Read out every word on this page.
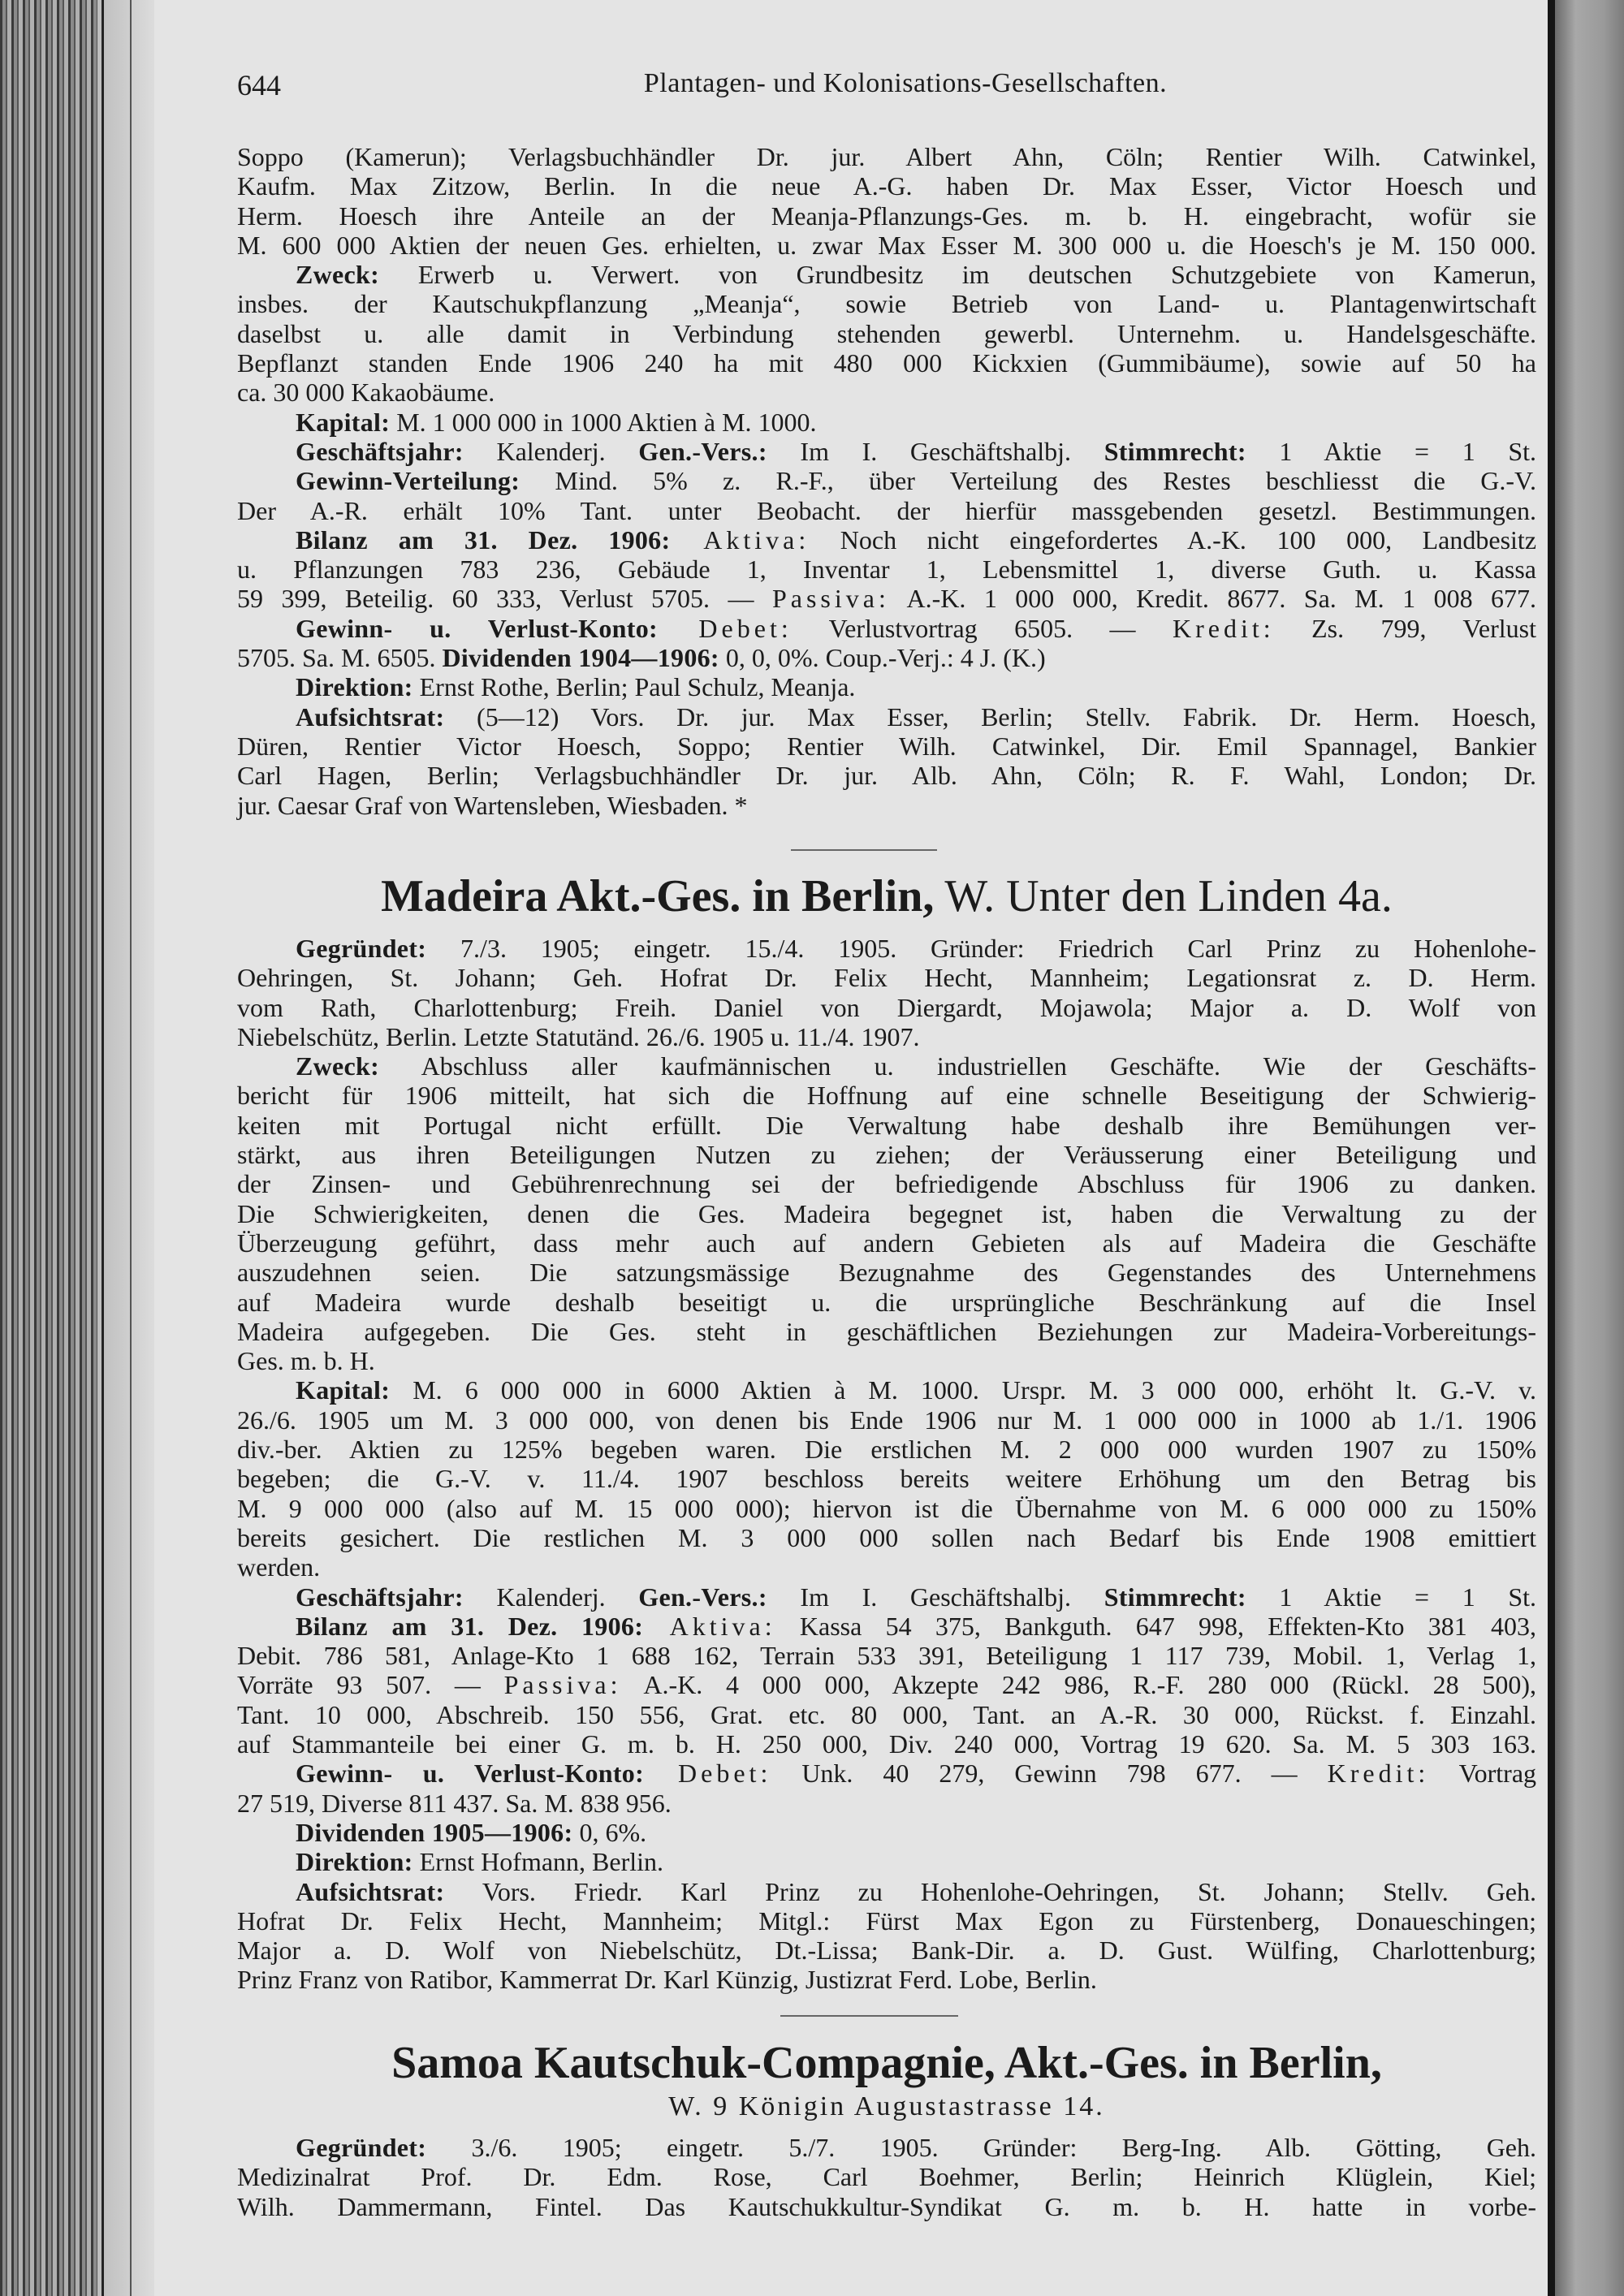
644	Plantagen- und Kolonisations-Gesellschaften.
Soppo (Kamerun); Verlagsbuchhändler Dr. jur. Albert Ahn, Cöln; Rentier Wilh. Catwinkel,
Kaufm. Max Zitzow, Berlin. In die neue A.-G. haben Dr. Max Esser, Victor Hoesch und
Herm. Hoesch ihre Anteile an der Meanja-Pflanzungs-Ges. m. b. H. eingebracht, wofür sie
M. 600 000 Aktien der neuen Ges. erhielten, u. zwar Max Esser M. 300 000 u. die Hoesch's je M. 150 000.
Zweck: Erwerb u. Verwert. von Grundbesitz im deutschen Schutzgebiete von Kamerun,
insbes. der Kautschukpflanzung „Meanja“, sowie Betrieb von Land- u. Plantagenwirtschaft
daselbst u. alle damit in Verbindung stehenden gewerbl. Unternehm. u. Handelsgeschäfte.
Bepflanzt standen Ende 1906 240 ha mit 480 000 Kickxien (Gummibäume), sowie auf 50 ha
ca. 30 000 Kakaobäume.
Kapital: M. 1 000 000 in 1000 Aktien à M. 1000.
Geschäftsjahr: Kalenderj. Gen.-Vers.: Im I. Geschäftshalbj. Stimmrecht: 1 Aktie = 1 St.
Gewinn-Verteilung: Mind. 5% z. R.-F., über Verteilung des Restes beschliesst die G.-V.
Der A.-R. erhält 10% Tant. unter Beobacht. der hierfür massgebenden gesetzl. Bestimmungen.
Bilanz am 31. Dez. 1906: Aktiva: Noch nicht eingefordertes A.-K. 100 000, Landbesitz
u. Pflanzungen 783 236, Gebäude 1, Inventar 1, Lebensmittel 1, diverse Guth. u. Kassa
59 399, Beteilig. 60 333, Verlust 5705. — Passiva: A.-K. 1 000 000, Kredit. 8677. Sa. M. 1 008 677.
Gewinn- u. Verlust-Konto: Debet: Verlustvortrag 6505. — Kredit: Zs. 799, Verlust
5705. Sa. M. 6505. Dividenden 1904—1906: 0, 0, 0%. Coup.-Verj.: 4 J. (K.)
Direktion: Ernst Rothe, Berlin; Paul Schulz, Meanja.
Aufsichtsrat: (5—12) Vors. Dr. jur. Max Esser, Berlin; Stellv. Fabrik. Dr. Herm. Hoesch,
Düren, Rentier Victor Hoesch, Soppo; Rentier Wilh. Catwinkel, Dir. Emil Spannagel, Bankier
Carl Hagen, Berlin; Verlagsbuchhändler Dr. jur. Alb. Ahn, Cöln; R. F. Wahl, London; Dr.
jur. Caesar Graf von Wartensleben, Wiesbaden. *
Madeira Akt.-Ges. in Berlin, W. Unter den Linden 4a.
Gegründet: 7./3. 1905; eingetr. 15./4. 1905. Gründer: Friedrich Carl Prinz zu Hohenlohe-
Oehringen, St. Johann; Geh. Hofrat Dr. Felix Hecht, Mannheim; Legationsrat z. D. Herm.
vom Rath, Charlottenburg; Freih. Daniel von Diergardt, Mojawola; Major a. D. Wolf von
Niebelschütz, Berlin. Letzte Statutänd. 26./6. 1905 u. 11./4. 1907.
Zweck: Abschluss aller kaufmännischen u. industriellen Geschäfte. Wie der Geschäfts-
bericht für 1906 mitteilt, hat sich die Hoffnung auf eine schnelle Beseitigung der Schwierig-
keiten mit Portugal nicht erfüllt. Die Verwaltung habe deshalb ihre Bemühungen ver-
stärkt, aus ihren Beteiligungen Nutzen zu ziehen; der Veräusserung einer Beteiligung und
der Zinsen- und Gebührenrechnung sei der befriedigende Abschluss für 1906 zu danken.
Die Schwierigkeiten, denen die Ges. Madeira begegnet ist, haben die Verwaltung zu der
Überzeugung geführt, dass mehr auch auf andern Gebieten als auf Madeira die Geschäfte
auszudehnen seien. Die satzungsmässige Bezugnahme des Gegenstandes des Unternehmens
auf Madeira wurde deshalb beseitigt u. die ursprüngliche Beschränkung auf die Insel
Madeira aufgegeben. Die Ges. steht in geschäftlichen Beziehungen zur Madeira-Vorbereitungs-
Ges. m. b. H.
Kapital: M. 6 000 000 in 6000 Aktien à M. 1000. Urspr. M. 3 000 000, erhöht lt. G.-V. v.
26./6. 1905 um M. 3 000 000, von denen bis Ende 1906 nur M. 1 000 000 in 1000 ab 1./1. 1906
div.-ber. Aktien zu 125% begeben waren. Die erstlichen M. 2 000 000 wurden 1907 zu 150%
begeben; die G.-V. v. 11./4. 1907 beschloss bereits weitere Erhöhung um den Betrag bis
M. 9 000 000 (also auf M. 15 000 000); hiervon ist die Übernahme von M. 6 000 000 zu 150%
bereits gesichert. Die restlichen M. 3 000 000 sollen nach Bedarf bis Ende 1908 emittiert
werden.
Geschäftsjahr: Kalenderj. Gen.-Vers.: Im I. Geschäftshalbj. Stimmrecht: 1 Aktie = 1 St.
Bilanz am 31. Dez. 1906: Aktiva: Kassa 54 375, Bankguth. 647 998, Effekten-Kto 381 403,
Debit. 786 581, Anlage-Kto 1 688 162, Terrain 533 391, Beteiligung 1 117 739, Mobil. 1, Verlag 1,
Vorräte 93 507. — Passiva: A.-K. 4 000 000, Akzepte 242 986, R.-F. 280 000 (Rückl. 28 500),
Tant. 10 000, Abschreib. 150 556, Grat. etc. 80 000, Tant. an A.-R. 30 000, Rückst. f. Einzahl.
auf Stammanteile bei einer G. m. b. H. 250 000, Div. 240 000, Vortrag 19 620. Sa. M. 5 303 163.
Gewinn- u. Verlust-Konto: Debet: Unk. 40 279, Gewinn 798 677. — Kredit: Vortrag
27 519, Diverse 811 437. Sa. M. 838 956.
Dividenden 1905—1906: 0, 6%.
Direktion: Ernst Hofmann, Berlin.
Aufsichtsrat: Vors. Friedr. Karl Prinz zu Hohenlohe-Oehringen, St. Johann; Stellv. Geh.
Hofrat Dr. Felix Hecht, Mannheim; Mitgl.: Fürst Max Egon zu Fürstenberg, Donaueschingen;
Major a. D. Wolf von Niebelschütz, Dt.-Lissa; Bank-Dir. a. D. Gust. Wülfing, Charlottenburg;
Prinz Franz von Ratibor, Kammerrat Dr. Karl Künzig, Justizrat Ferd. Lobe, Berlin.
Samoa Kautschuk-Compagnie, Akt.-Ges. in Berlin,
W. 9 Königin Augustastrasse 14.
Gegründet: 3./6. 1905; eingetr. 5./7. 1905. Gründer: Berg-Ing. Alb. Götting, Geh.
Medizinalrat Prof. Dr. Edm. Rose, Carl Boehmer, Berlin; Heinrich Klüglein, Kiel;
Wilh. Dammermann, Fintel. Das Kautschukkultur-Syndikat G. m. b. H. hatte in vorbe-
